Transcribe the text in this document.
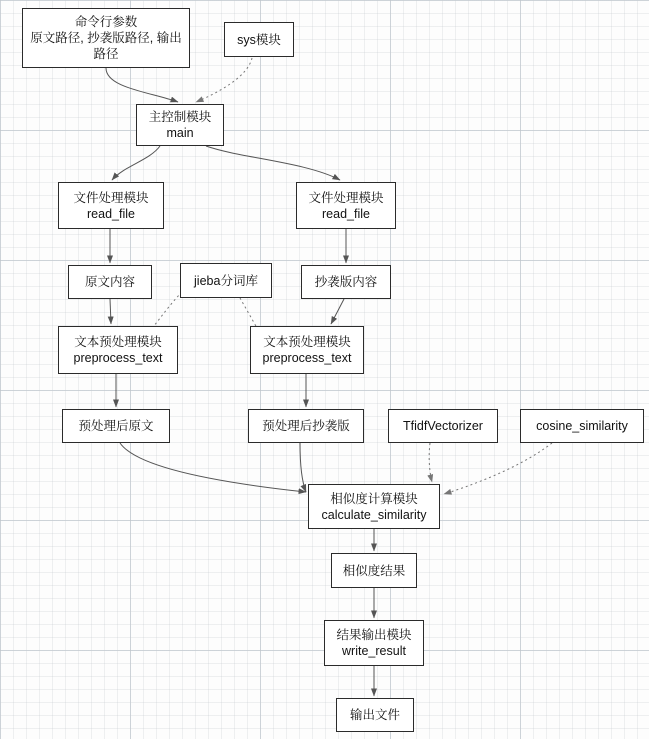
命令行参数
原文路径, 抄袭版路径, 输出路径
sys模块
主控制模块
main
文件处理模块
read_file
文件处理模块
read_file
原文内容	jieba分词库	抄袭版内容
文本预处理模块
preprocess_text
文本预处理模块
preprocess_text
预处理后原文	预处理后抄袭版	TfidfVectorizer	cosine_similarity
相似度计算模块
calculate_similarity
相似度结果
结果输出模块
write_result
输出文件
